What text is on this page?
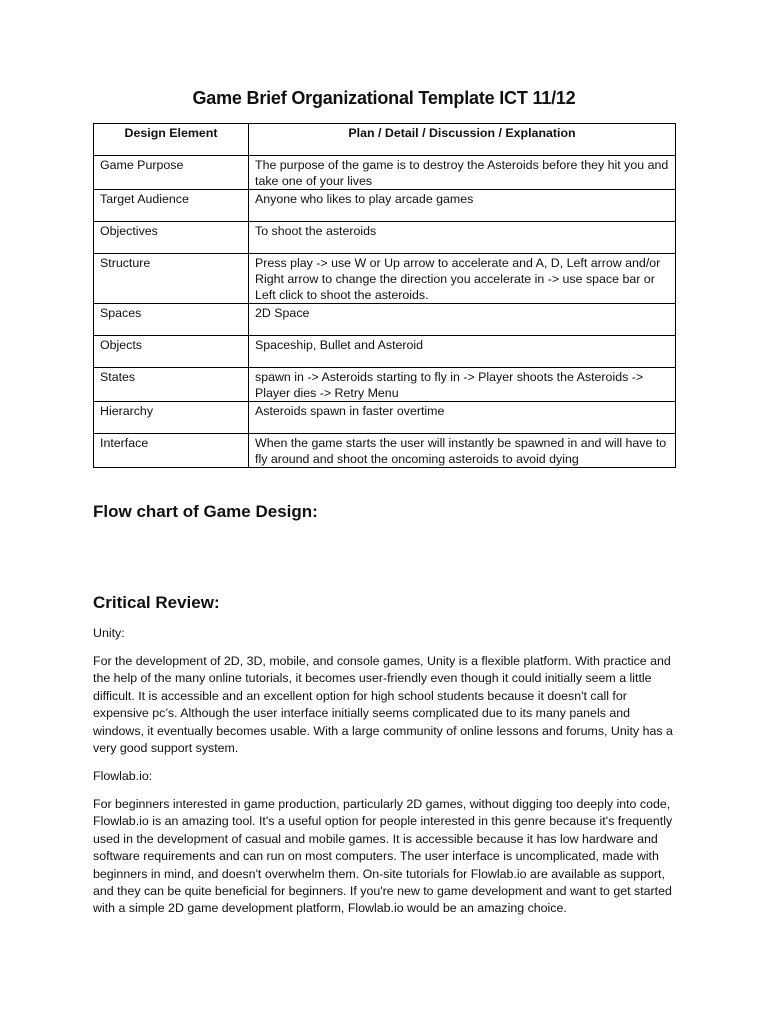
Game Brief Organizational Template ICT 11/12
Design Element	Plan / Detail / Discussion / Explanation
Game Purpose	The purpose of the game is to destroy the Asteroids before they hit you and take one of your lives
Target Audience	Anyone who likes to play arcade games
Objectives	To shoot the asteroids
Structure	Press play -> use W or Up arrow to accelerate and A, D, Left arrow and/or Right arrow to change the direction you accelerate in -> use space bar or Left click to shoot the asteroids.
Spaces	2D Space
Objects	Spaceship, Bullet and Asteroid
States	spawn in -> Asteroids starting to fly in -> Player shoots the Asteroids -> Player dies -> Retry Menu
Hierarchy	Asteroids spawn in faster overtime
Interface	When the game starts the user will instantly be spawned in and will have to fly around and shoot the oncoming asteroids to avoid dying
Flow chart of Game Design:
Critical Review:
Unity:
For the development of 2D, 3D, mobile, and console games, Unity is a flexible platform. With practice and the help of the many online tutorials, it becomes user-friendly even though it could initially seem a little difficult. It is accessible and an excellent option for high school students because it doesn't call for expensive pc’s. Although the user interface initially seems complicated due to its many panels and windows, it eventually becomes usable. With a large community of online lessons and forums, Unity has a very good support system.
Flowlab.io:
For beginners interested in game production, particularly 2D games, without digging too deeply into code, Flowlab.io is an amazing tool. It's a useful option for people interested in this genre because it's frequently used in the development of casual and mobile games. It is accessible because it has low hardware and software requirements and can run on most computers. The user interface is uncomplicated, made with beginners in mind, and doesn't overwhelm them. On-site tutorials for Flowlab.io are available as support, and they can be quite beneficial for beginners. If you're new to game development and want to get started with a simple 2D game development platform, Flowlab.io would be an amazing choice.
